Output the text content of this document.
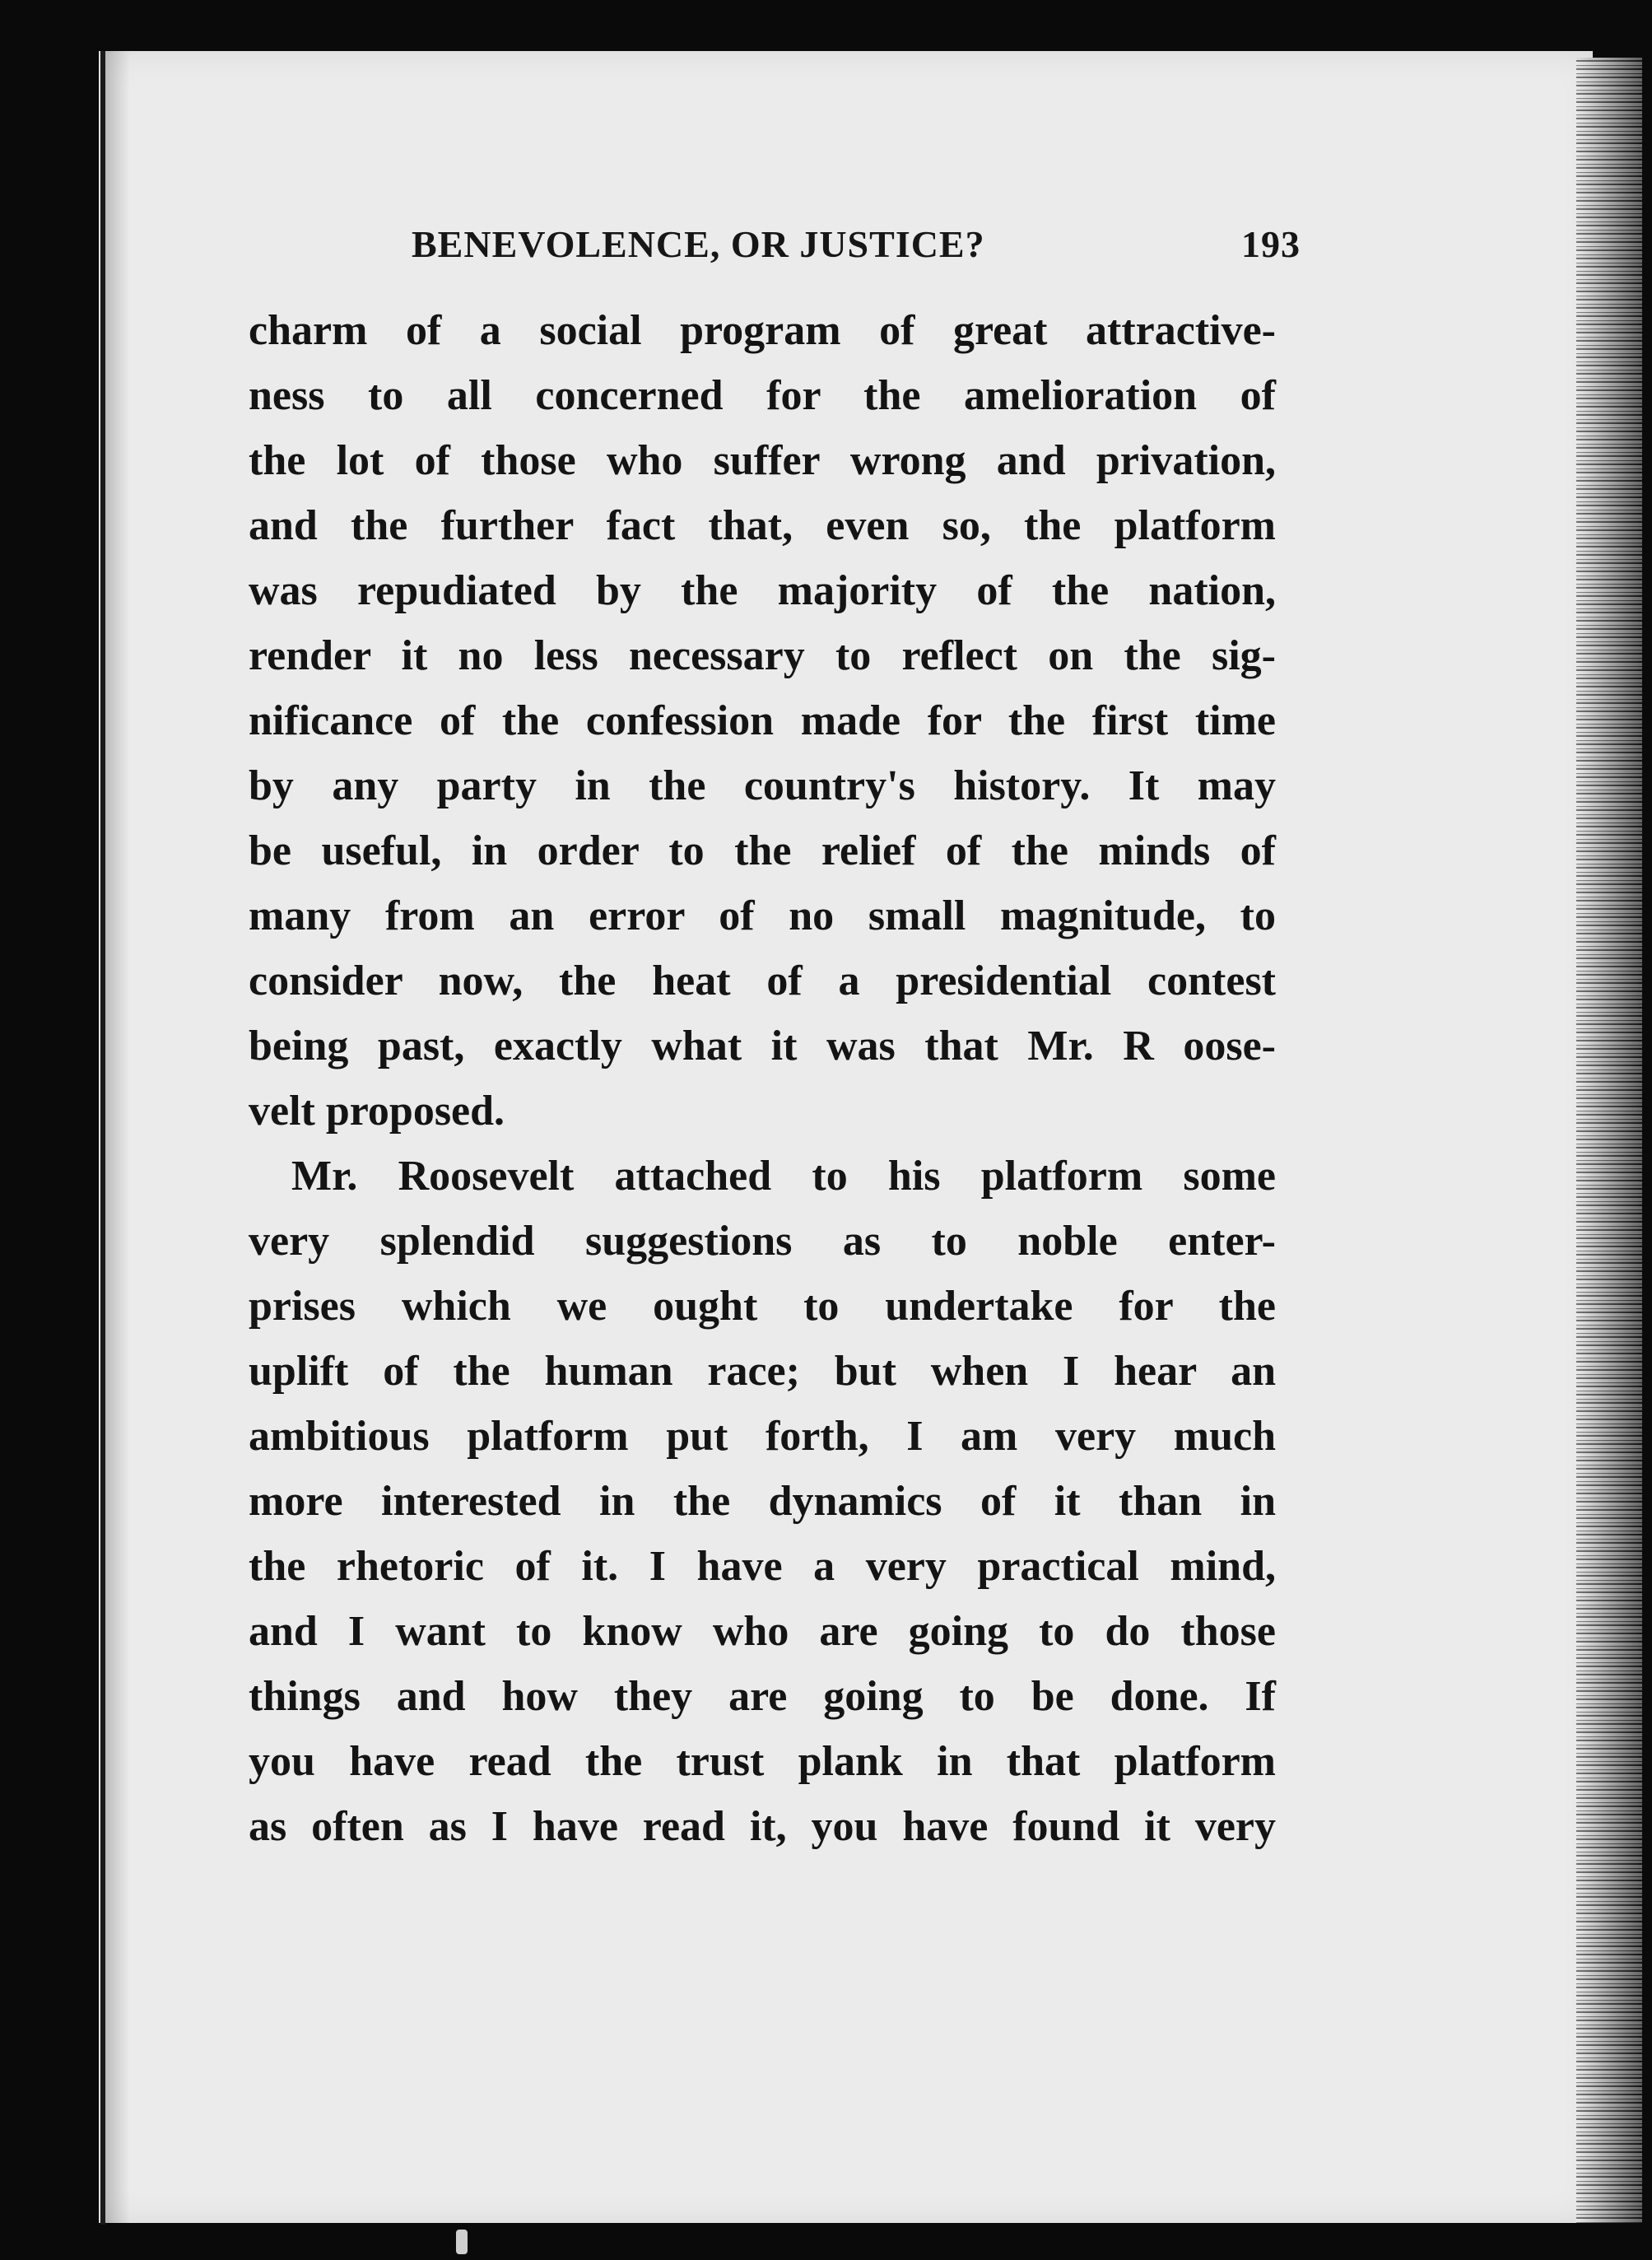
BENEVOLENCE, OR JUSTICE?	193
charm of a social program of great attractive-
ness to all concerned for the amelioration of
the lot of those who suffer wrong and privation,
and the further fact that, even so, the platform
was repudiated by the majority of the nation,
render it no less necessary to reflect on the sig-
nificance of the confession made for the first time
by any party in the country's history. It may
be useful, in order to the relief of the minds of
many from an error of no small magnitude, to
consider now, the heat of a presidential contest
being past, exactly what it was that Mr. R oose-
velt proposed.
Mr. Roosevelt attached to his platform some
very splendid suggestions as to noble enter-
prises which we ought to undertake for the
uplift of the human race; but when I hear an
ambitious platform put forth, I am very much
more interested in the dynamics of it than in
the rhetoric of it. I have a very practical mind,
and I want to know who are going to do those
things and how they are going to be done. If
you have read the trust plank in that platform
as often as I have read it, you have found it very
